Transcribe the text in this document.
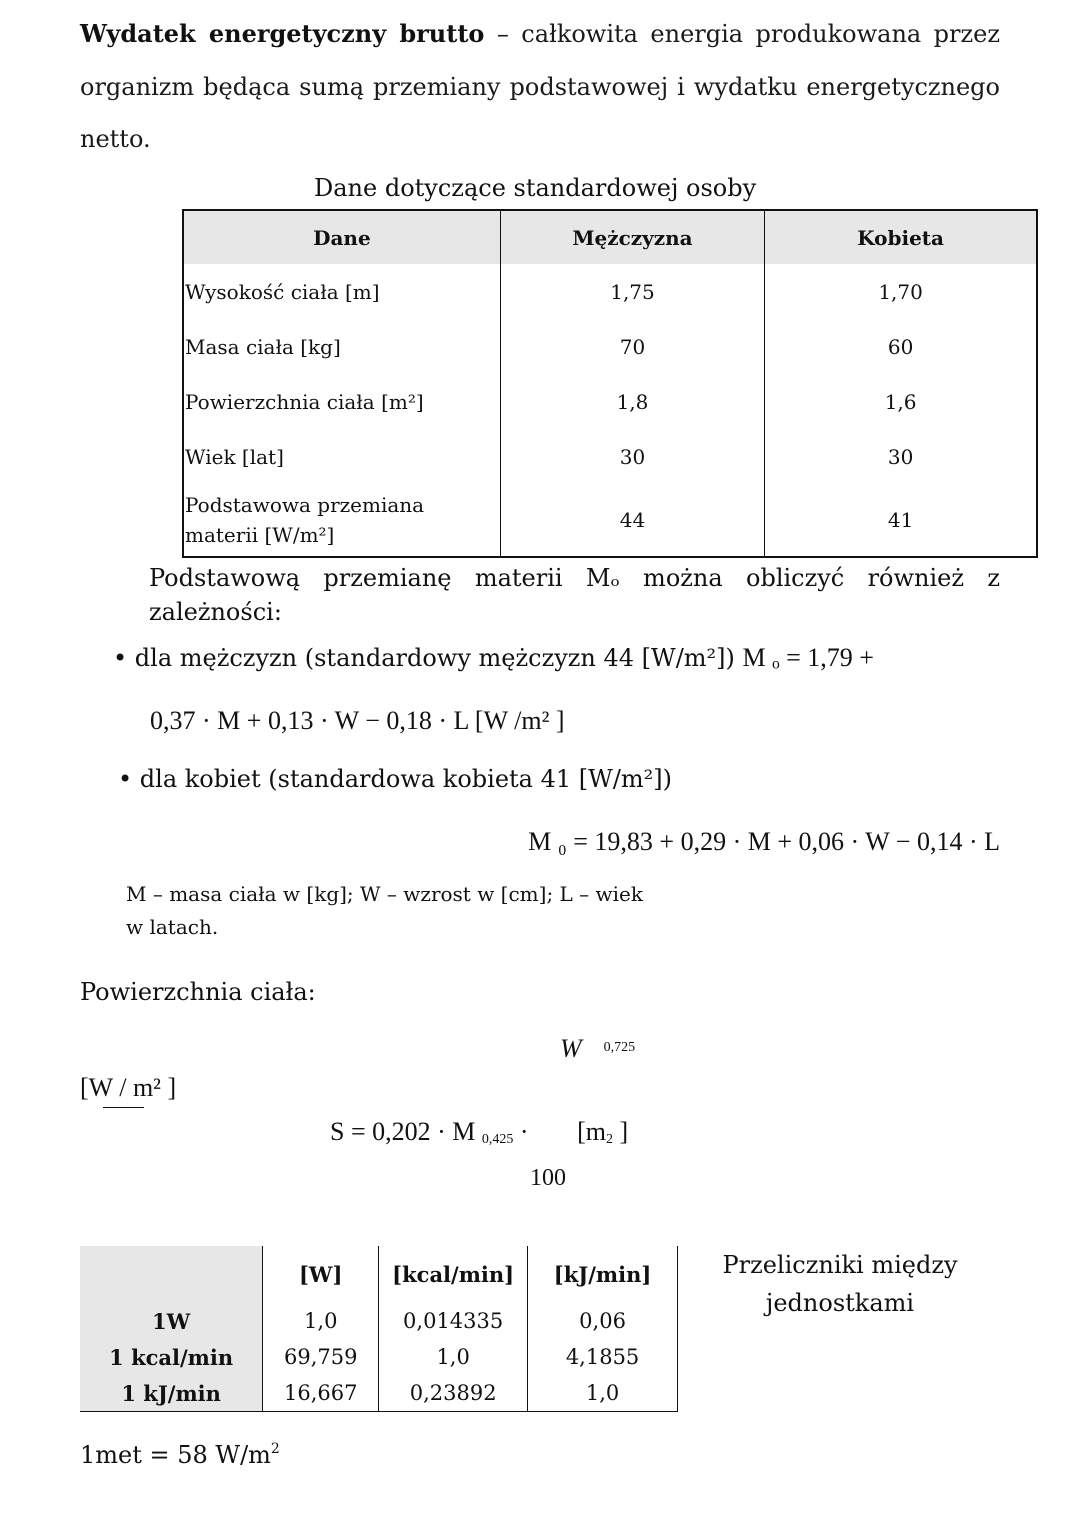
Wydatek energetyczny brutto – całkowita energia produkowana przez organizm będąca sumą przemiany podstawowej i wydatku energetycznego netto.
Dane dotyczące standardowej osoby
Dane	Mężczyzna	Kobieta
Wysokość ciała [m]	1,75	1,70
Masa ciała [kg]	70	60
Powierzchnia ciała [m²]	1,8	1,6
Wiek [lat]	30	30
Podstawowa przemiana materii [W/m²]	44	41
Podstawową przemianę materii Mₒ można obliczyć również z zależności:
• dla mężczyzn (standardowy mężczyzn 44 [W/m²]) M ₒ = 1,79 +
0,37 · M + 0,13 · W − 0,18 · L [W /m² ]
• dla kobiet (standardowa kobieta 41 [W/m²])
M ₀ = 19,83 + 0,29 · M + 0,06 · W − 0,14 · L
M – masa ciała w [kg]; W – wzrost w [cm]; L – wiek w latach.
Powierzchnia ciała:
W $^{0,725}$
[W / m² ]
S = 0,202 · M $_{0,425} \cdot [m_2$ ]
100
	[W]	[kcal/min]	[kJ/min]
1W	1,0	0,014335	0,06
1 kcal/min	69,759	1,0	4,1855
1 kJ/min	16,667	0,23892	1,0
Przeliczniki między jednostkami
1met = 58 $W/m^2$
